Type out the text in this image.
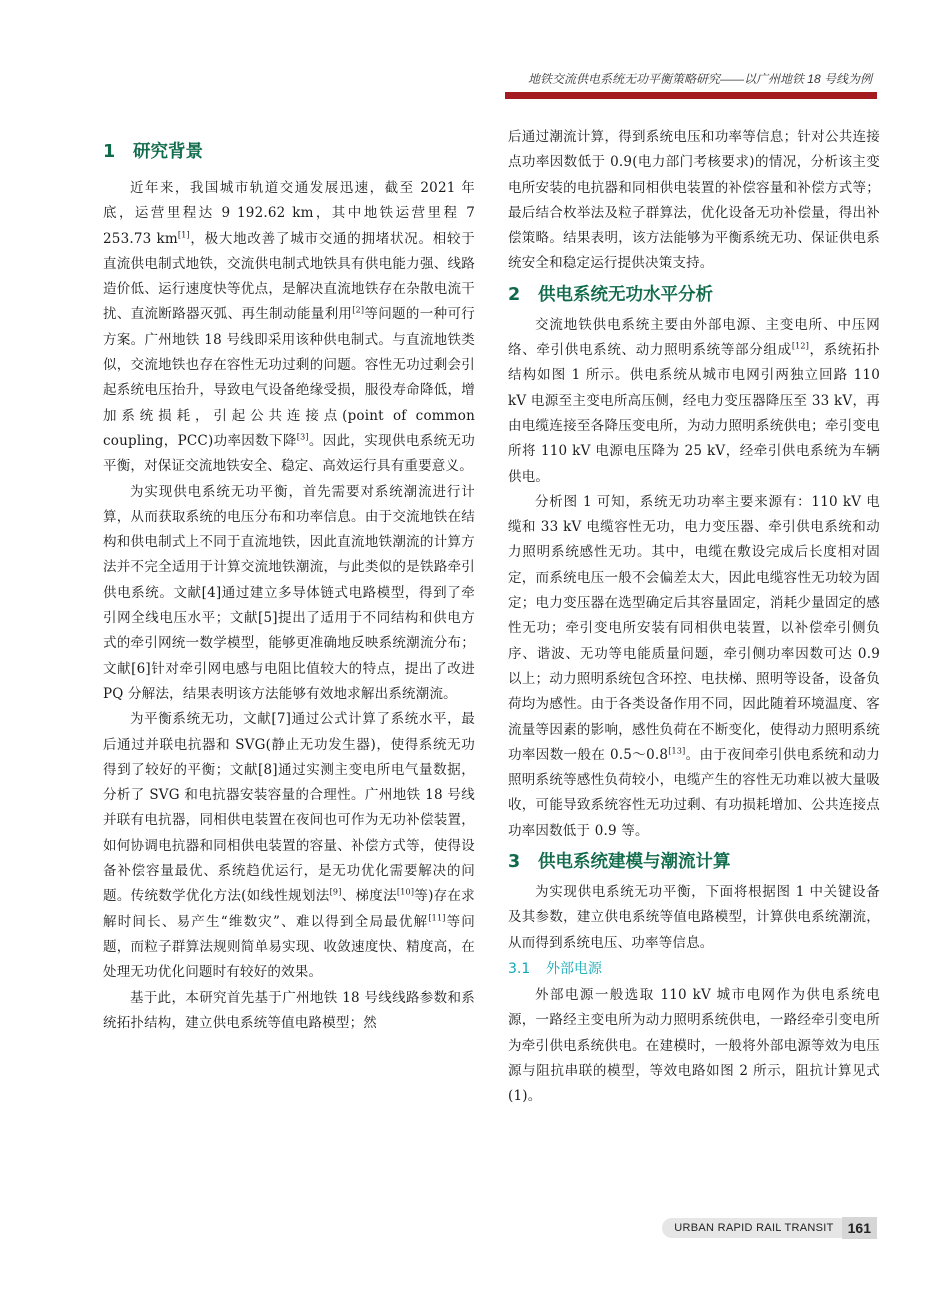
地铁交流供电系统无功平衡策略研究——以广州地铁 18 号线为例
1 研究背景

近年来，我国城市轨道交通发展迅速，截至 2021 年底，运营里程达 9 192.62 km，其中地铁运营里程 7 253.73 km[1]，极大地改善了城市交通的拥堵状况。相较于直流供电制式地铁，交流供电制式地铁具有供电能力强、线路造价低、运行速度快等优点，是解决直流地铁存在杂散电流干扰、直流断路器灭弧、再生制动能量利用[2]等问题的一种可行方案。广州地铁 18 号线即采用该种供电制式。与直流地铁类似，交流地铁也存在容性无功过剩的问题。容性无功过剩会引起系统电压抬升，导致电气设备绝缘受损，服役寿命降低，增加系统损耗，引起公共连接点(point of common coupling，PCC)功率因数下降[3]。因此，实现供电系统无功平衡，对保证交流地铁安全、稳定、高效运行具有重要意义。

为实现供电系统无功平衡，首先需要对系统潮流进行计算，从而获取系统的电压分布和功率信息。由于交流地铁在结构和供电制式上不同于直流地铁，因此直流地铁潮流的计算方法并不完全适用于计算交流地铁潮流，与此类似的是铁路牵引供电系统。文献[4]通过建立多导体链式电路模型，得到了牵引网全线电压水平；文献[5]提出了适用于不同结构和供电方式的牵引网统一数学模型，能够更准确地反映系统潮流分布；文献[6]针对牵引网电感与电阻比值较大的特点，提出了改进 PQ 分解法，结果表明该方法能够有效地求解出系统潮流。

为平衡系统无功，文献[7]通过公式计算了系统水平，最后通过并联电抗器和 SVG(静止无功发生器)，使得系统无功得到了较好的平衡；文献[8]通过实测主变电所电气量数据，分析了 SVG 和电抗器安装容量的合理性。广州地铁 18 号线并联有电抗器，同相供电装置在夜间也可作为无功补偿装置，如何协调电抗器和同相供电装置的容量、补偿方式等，使得设备补偿容量最优、系统趋优运行，是无功优化需要解决的问题。传统数学优化方法(如线性规划法[9]、梯度法[10]等)存在求解时间长、易产生“维数灾”、难以得到全局最优解[11]等问题，而粒子群算法规则简单易实现、收敛速度快、精度高，在处理无功优化问题时有较好的效果。

基于此，本研究首先基于广州地铁 18 号线线路参数和系统拓扑结构，建立供电系统等值电路模型；然

后通过潮流计算，得到系统电压和功率等信息；针对公共连接点功率因数低于 0.9(电力部门考核要求)的情况，分析该主变电所安装的电抗器和同相供电装置的补偿容量和补偿方式等；最后结合枚举法及粒子群算法，优化设备无功补偿量，得出补偿策略。结果表明，该方法能够为平衡系统无功、保证供电系统安全和稳定运行提供决策支持。

2 供电系统无功水平分析

交流地铁供电系统主要由外部电源、主变电所、中压网络、牵引供电系统、动力照明系统等部分组成[12]，系统拓扑结构如图 1 所示。供电系统从城市电网引两独立回路 110 kV 电源至主变电所高压侧，经电力变压器降压至 33 kV，再由电缆连接至各降压变电所，为动力照明系统供电；牵引变电所将 110 kV 电源电压降为 25 kV，经牵引供电系统为车辆供电。

分析图 1 可知，系统无功功率主要来源有：110 kV 电缆和 33 kV 电缆容性无功，电力变压器、牵引供电系统和动力照明系统感性无功。其中，电缆在敷设完成后长度相对固定，而系统电压一般不会偏差太大，因此电缆容性无功较为固定；电力变压器在选型确定后其容量固定，消耗少量固定的感性无功；牵引变电所安装有同相供电装置，以补偿牵引侧负序、谐波、无功等电能质量问题，牵引侧功率因数可达 0.9 以上；动力照明系统包含环控、电扶梯、照明等设备，设备负荷均为感性。由于各类设备作用不同，因此随着环境温度、客流量等因素的影响，感性负荷在不断变化，使得动力照明系统功率因数一般在 0.5～0.8[13]。由于夜间牵引供电系统和动力照明系统等感性负荷较小，电缆产生的容性无功难以被大量吸收，可能导致系统容性无功过剩、有功损耗增加、公共连接点功率因数低于 0.9 等。

3 供电系统建模与潮流计算

为实现供电系统无功平衡，下面将根据图 1 中关键设备及其参数，建立供电系统等值电路模型，计算供电系统潮流，从而得到系统电压、功率等信息。

3.1 外部电源

外部电源一般选取 110 kV 城市电网作为供电系统电源，一路经主变电所为动力照明系统供电，一路经牵引变电所为牵引供电系统供电。在建模时，一般将外部电源等效为电压源与阻抗串联的模型，等效电路如图 2 所示，阻抗计算见式(1)。

URBAN RAPID RAIL TRANSIT	161
